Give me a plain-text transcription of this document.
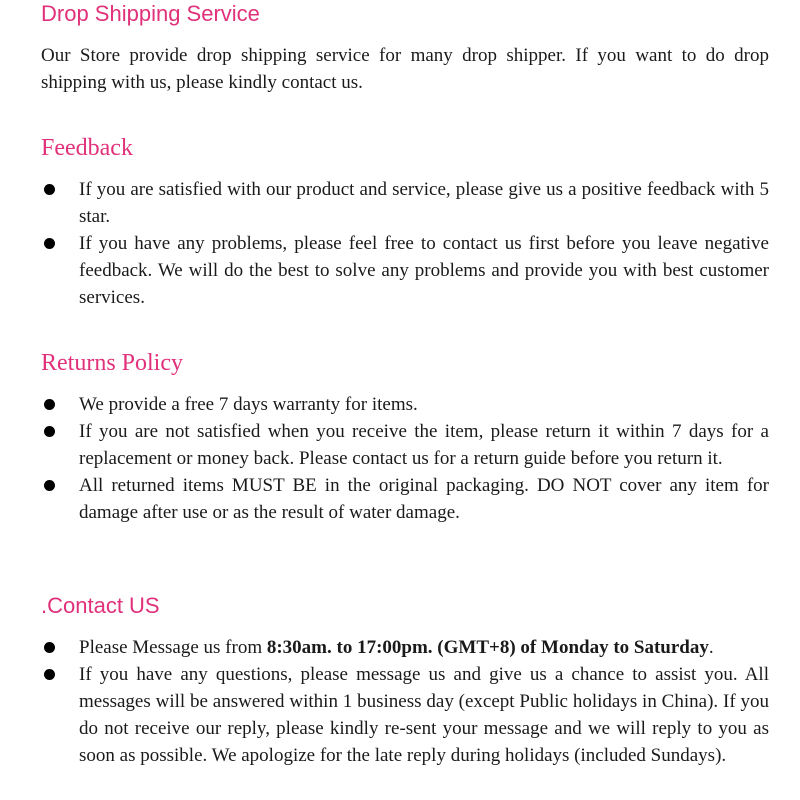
Drop Shipping Service

Our Store provide drop shipping service for many drop shipper. If you want to do drop shipping with us, please kindly contact us.

Feedback
If you are satisfied with our product and service, please give us a positive feedback with 5 star.
If you have any problems, please feel free to contact us first before you leave negative feedback. We will do the best to solve any problems and provide you with best customer services.
Returns Policy
We provide a free 7 days warranty for items.
If you are not satisfied when you receive the item, please return it within 7 days for a replacement or money back. Please contact us for a return guide before you return it.
All returned items MUST BE in the original packaging. DO NOT cover any item for damage after use or as the result of water damage.
.Contact US
Please Message us from 8:30am. to 17:00pm. (GMT+8) of Monday to Saturday.
If you have any questions, please message us and give us a chance to assist you. All messages will be answered within 1 business day (except Public holidays in China). If you do not receive our reply, please kindly re-sent your message and we will reply to you as soon as possible. We apologize for the late reply during holidays (included Sundays).
